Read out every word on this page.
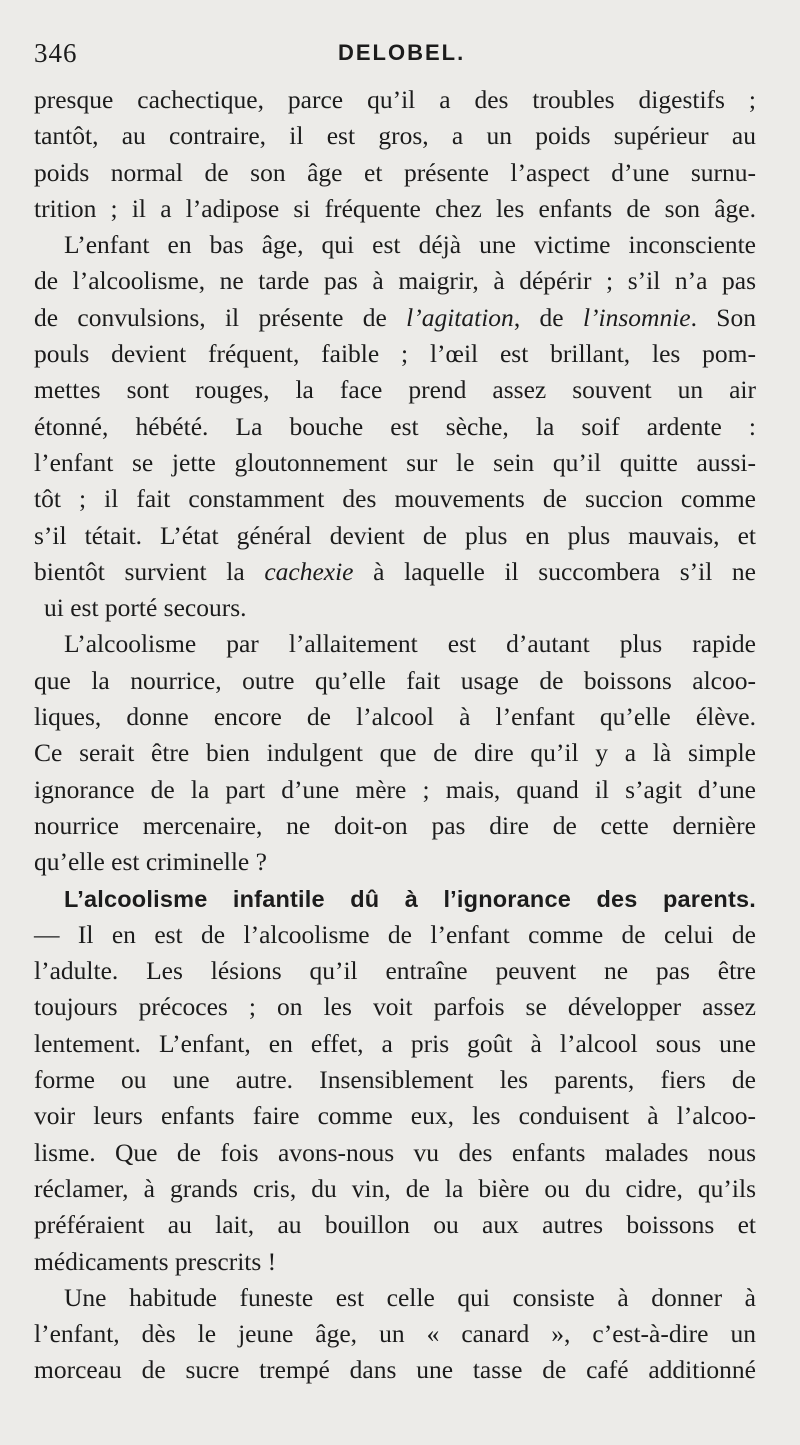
346	DELOBEL.
presque cachectique, parce qu’il a des troubles digestifs ;
tantôt, au contraire, il est gros, a un poids supérieur au
poids normal de son âge et présente l’aspect d’une surnu-
trition ; il a l’adipose si fréquente chez les enfants de son âge.
L’enfant en bas âge, qui est déjà une victime inconsciente
de l’alcoolisme, ne tarde pas à maigrir, à dépérir ; s’il n’a pas
de convulsions, il présente de l’agitation, de l’insomnie. Son
pouls devient fréquent, faible ; l’œil est brillant, les pom-
mettes sont rouges, la face prend assez souvent un air
étonné, hébété. La bouche est sèche, la soif ardente :
l’enfant se jette gloutonnement sur le sein qu’il quitte aussi-
tôt ; il fait constamment des mouvements de succion comme
s’il tétait. L’état général devient de plus en plus mauvais, et
bientôt survient la cachexie à laquelle il succombera s’il ne
ui est porté secours.
L’alcoolisme par l’allaitement est d’autant plus rapide
que la nourrice, outre qu’elle fait usage de boissons alcoo-
liques, donne encore de l’alcool à l’enfant qu’elle élève.
Ce serait être bien indulgent que de dire qu’il y a là simple
ignorance de la part d’une mère ; mais, quand il s’agit d’une
nourrice mercenaire, ne doit-on pas dire de cette dernière
qu’elle est criminelle ?
L’alcoolisme infantile dû à l’ignorance des parents.
— Il en est de l’alcoolisme de l’enfant comme de celui de
l’adulte. Les lésions qu’il entraîne peuvent ne pas être
toujours précoces ; on les voit parfois se développer assez
lentement. L’enfant, en effet, a pris goût à l’alcool sous une
forme ou une autre. Insensiblement les parents, fiers de
voir leurs enfants faire comme eux, les conduisent à l’alcoo-
lisme. Que de fois avons-nous vu des enfants malades nous
réclamer, à grands cris, du vin, de la bière ou du cidre, qu’ils
préféraient au lait, au bouillon ou aux autres boissons et
médicaments prescrits !
Une habitude funeste est celle qui consiste à donner à
l’enfant, dès le jeune âge, un « canard », c’est-à-dire un
morceau de sucre trempé dans une tasse de café additionné
